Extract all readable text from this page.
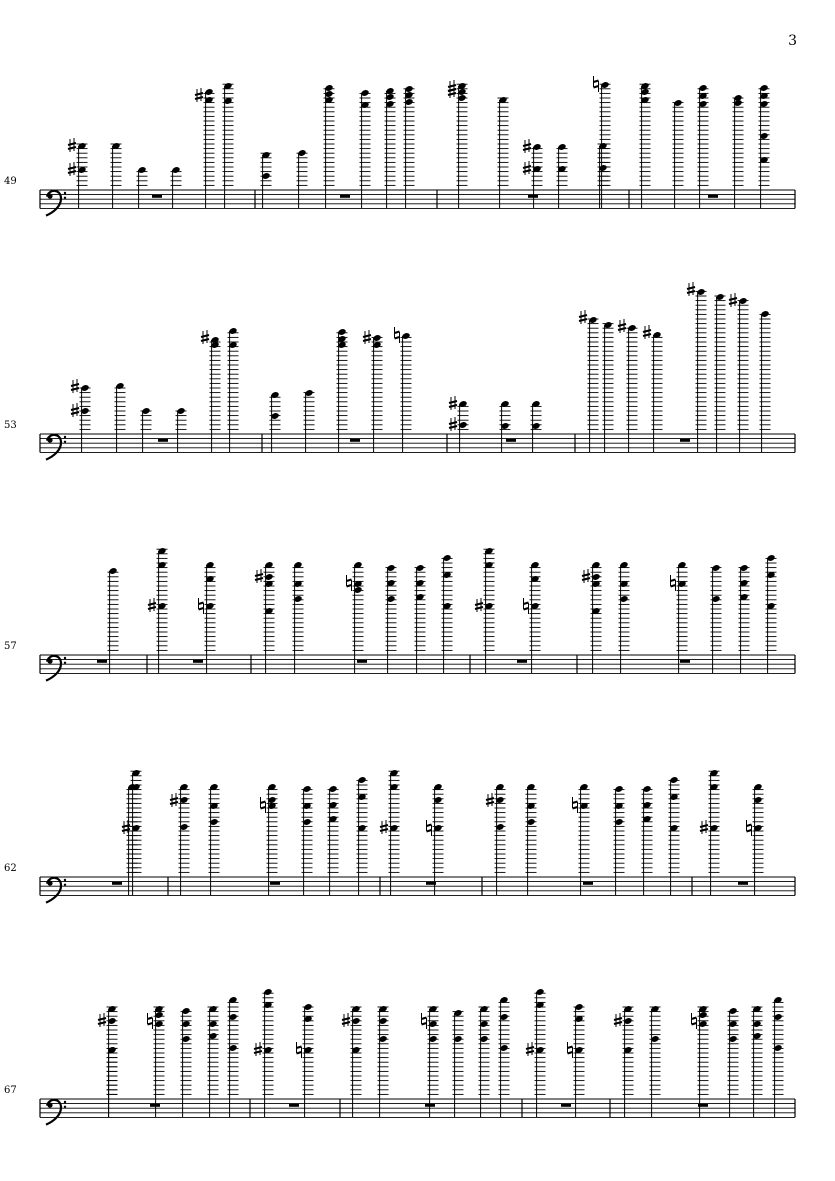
3
49
53
57
62
67
